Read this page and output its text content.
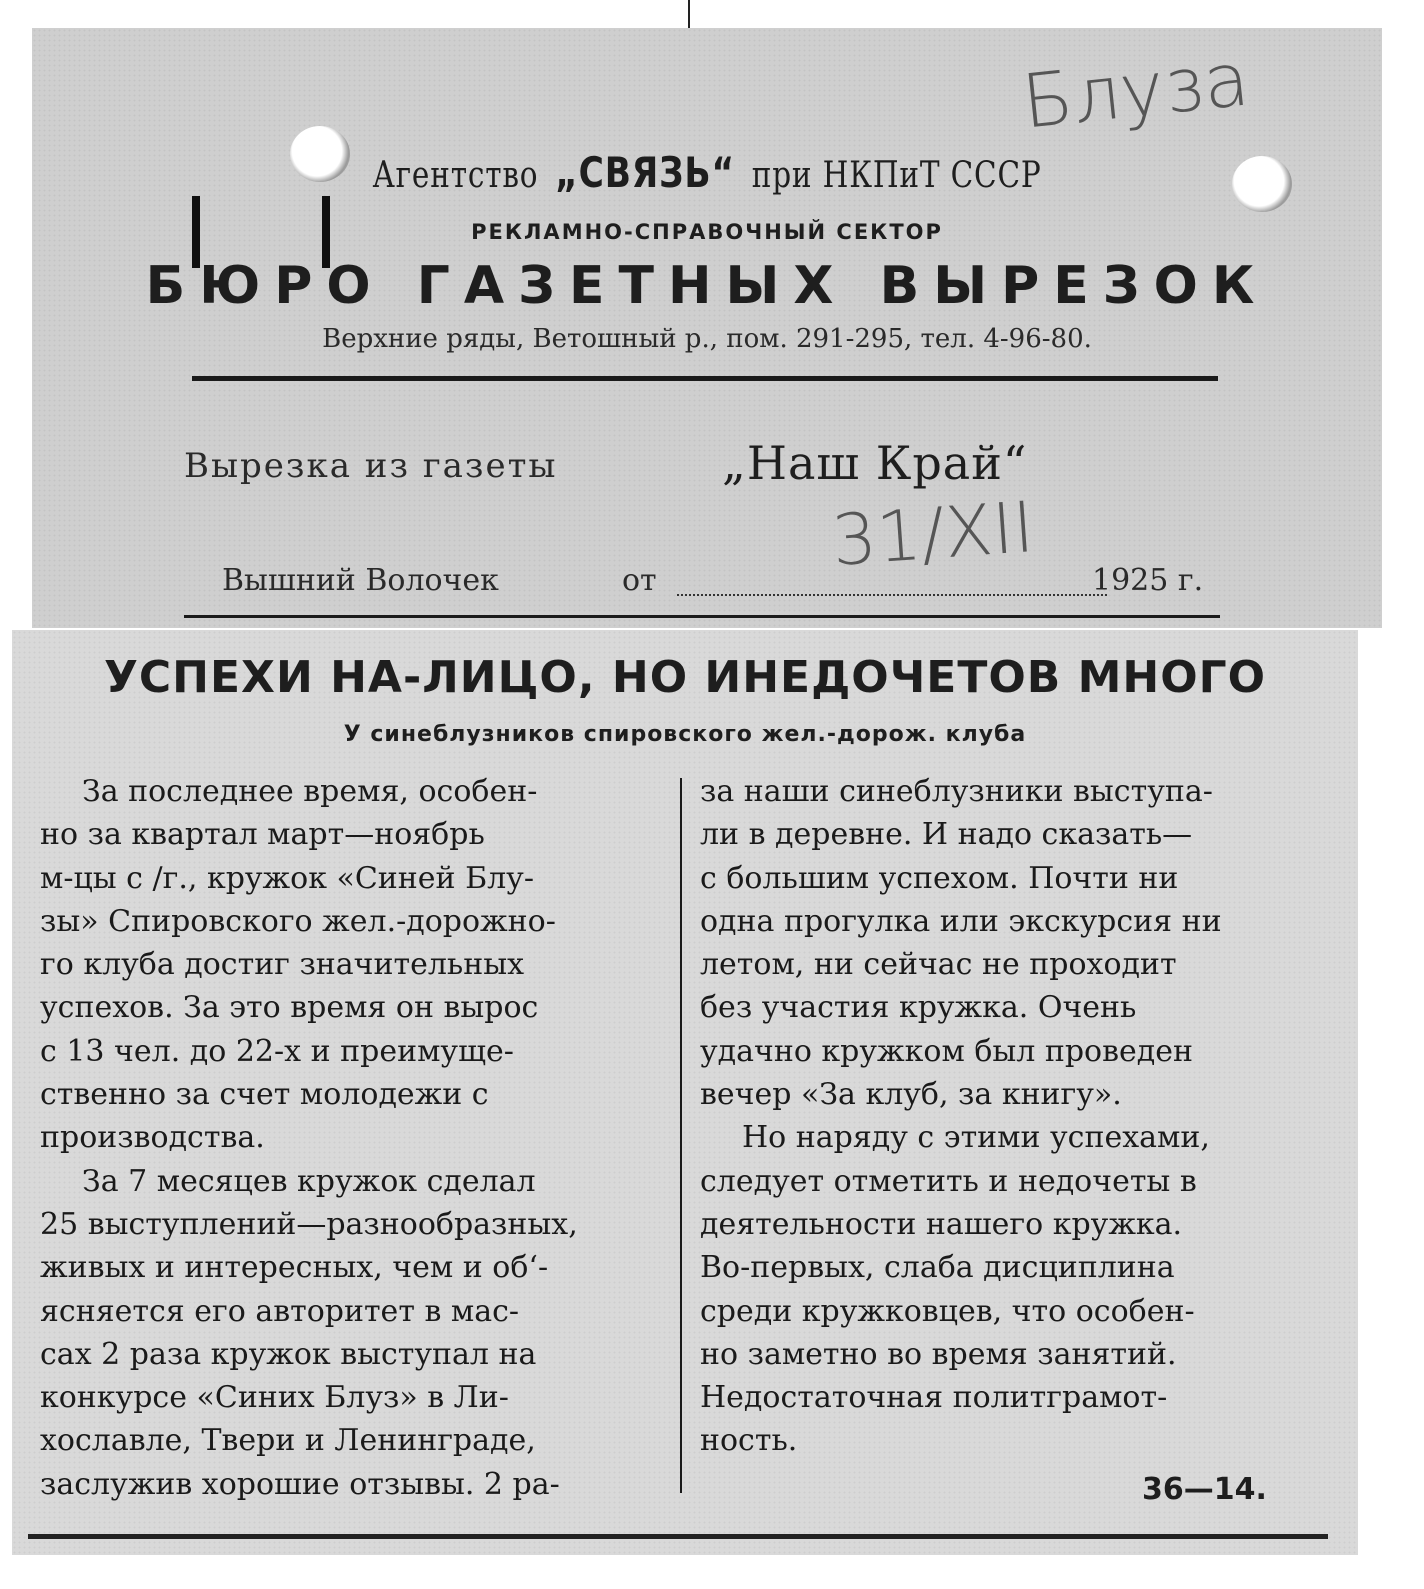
Агентство „СВЯЗЬ“ при НКПиТ СССР
РЕКЛАМНО-СПРАВОЧНЫЙ СЕКТОР
БЮРО ГАЗЕТНЫХ ВЫРЕЗОК
Верхние ряды, Ветошный р., пом. 291-295, тел. 4-96-80.
Вырезка из газеты	„Наш Край“
Вышний Волочек	от	1925 г.
Блуза
31/XII
УСПЕХИ НА-ЛИЦО, НО ИНЕДОЧЕТОВ МНОГО
У синеблузников спировского жел.-дорож. клуба
За последнее время, особен-
но за квартал март—ноябрь
м-цы с /г., кружок «Синей Блу-
зы» Спировского жел.-дорожно-
го клуба достиг значительных
успехов. За это время он вырос
с 13 чел. до 22-х и преимуще-
ственно за счет молодежи с
производства.
За 7 месяцев кружок сделал
25 выступлений—разнообразных,
живых и интересных, чем и об‘-
ясняется его авторитет в мас-
сах 2 раза кружок выступал на
конкурсе «Синих Блуз» в Ли-
хославле, Твери и Ленинграде,
заслужив хорошие отзывы. 2 ра-
за наши синеблузники выступа-
ли в деревне. И надо сказать—
с большим успехом. Почти ни
одна прогулка или экскурсия ни
летом, ни сейчас не проходит
без участия кружка. Очень
удачно кружком был проведен
вечер «За клуб, за книгу».
Но наряду с этими успехами,
следует отметить и недочеты в
деятельности нашего кружка.
Во-первых, слаба дисциплина
среди кружковцев, что особен-
но заметно во время занятий.
Недостаточная политграмот-
ность.
36—14.
